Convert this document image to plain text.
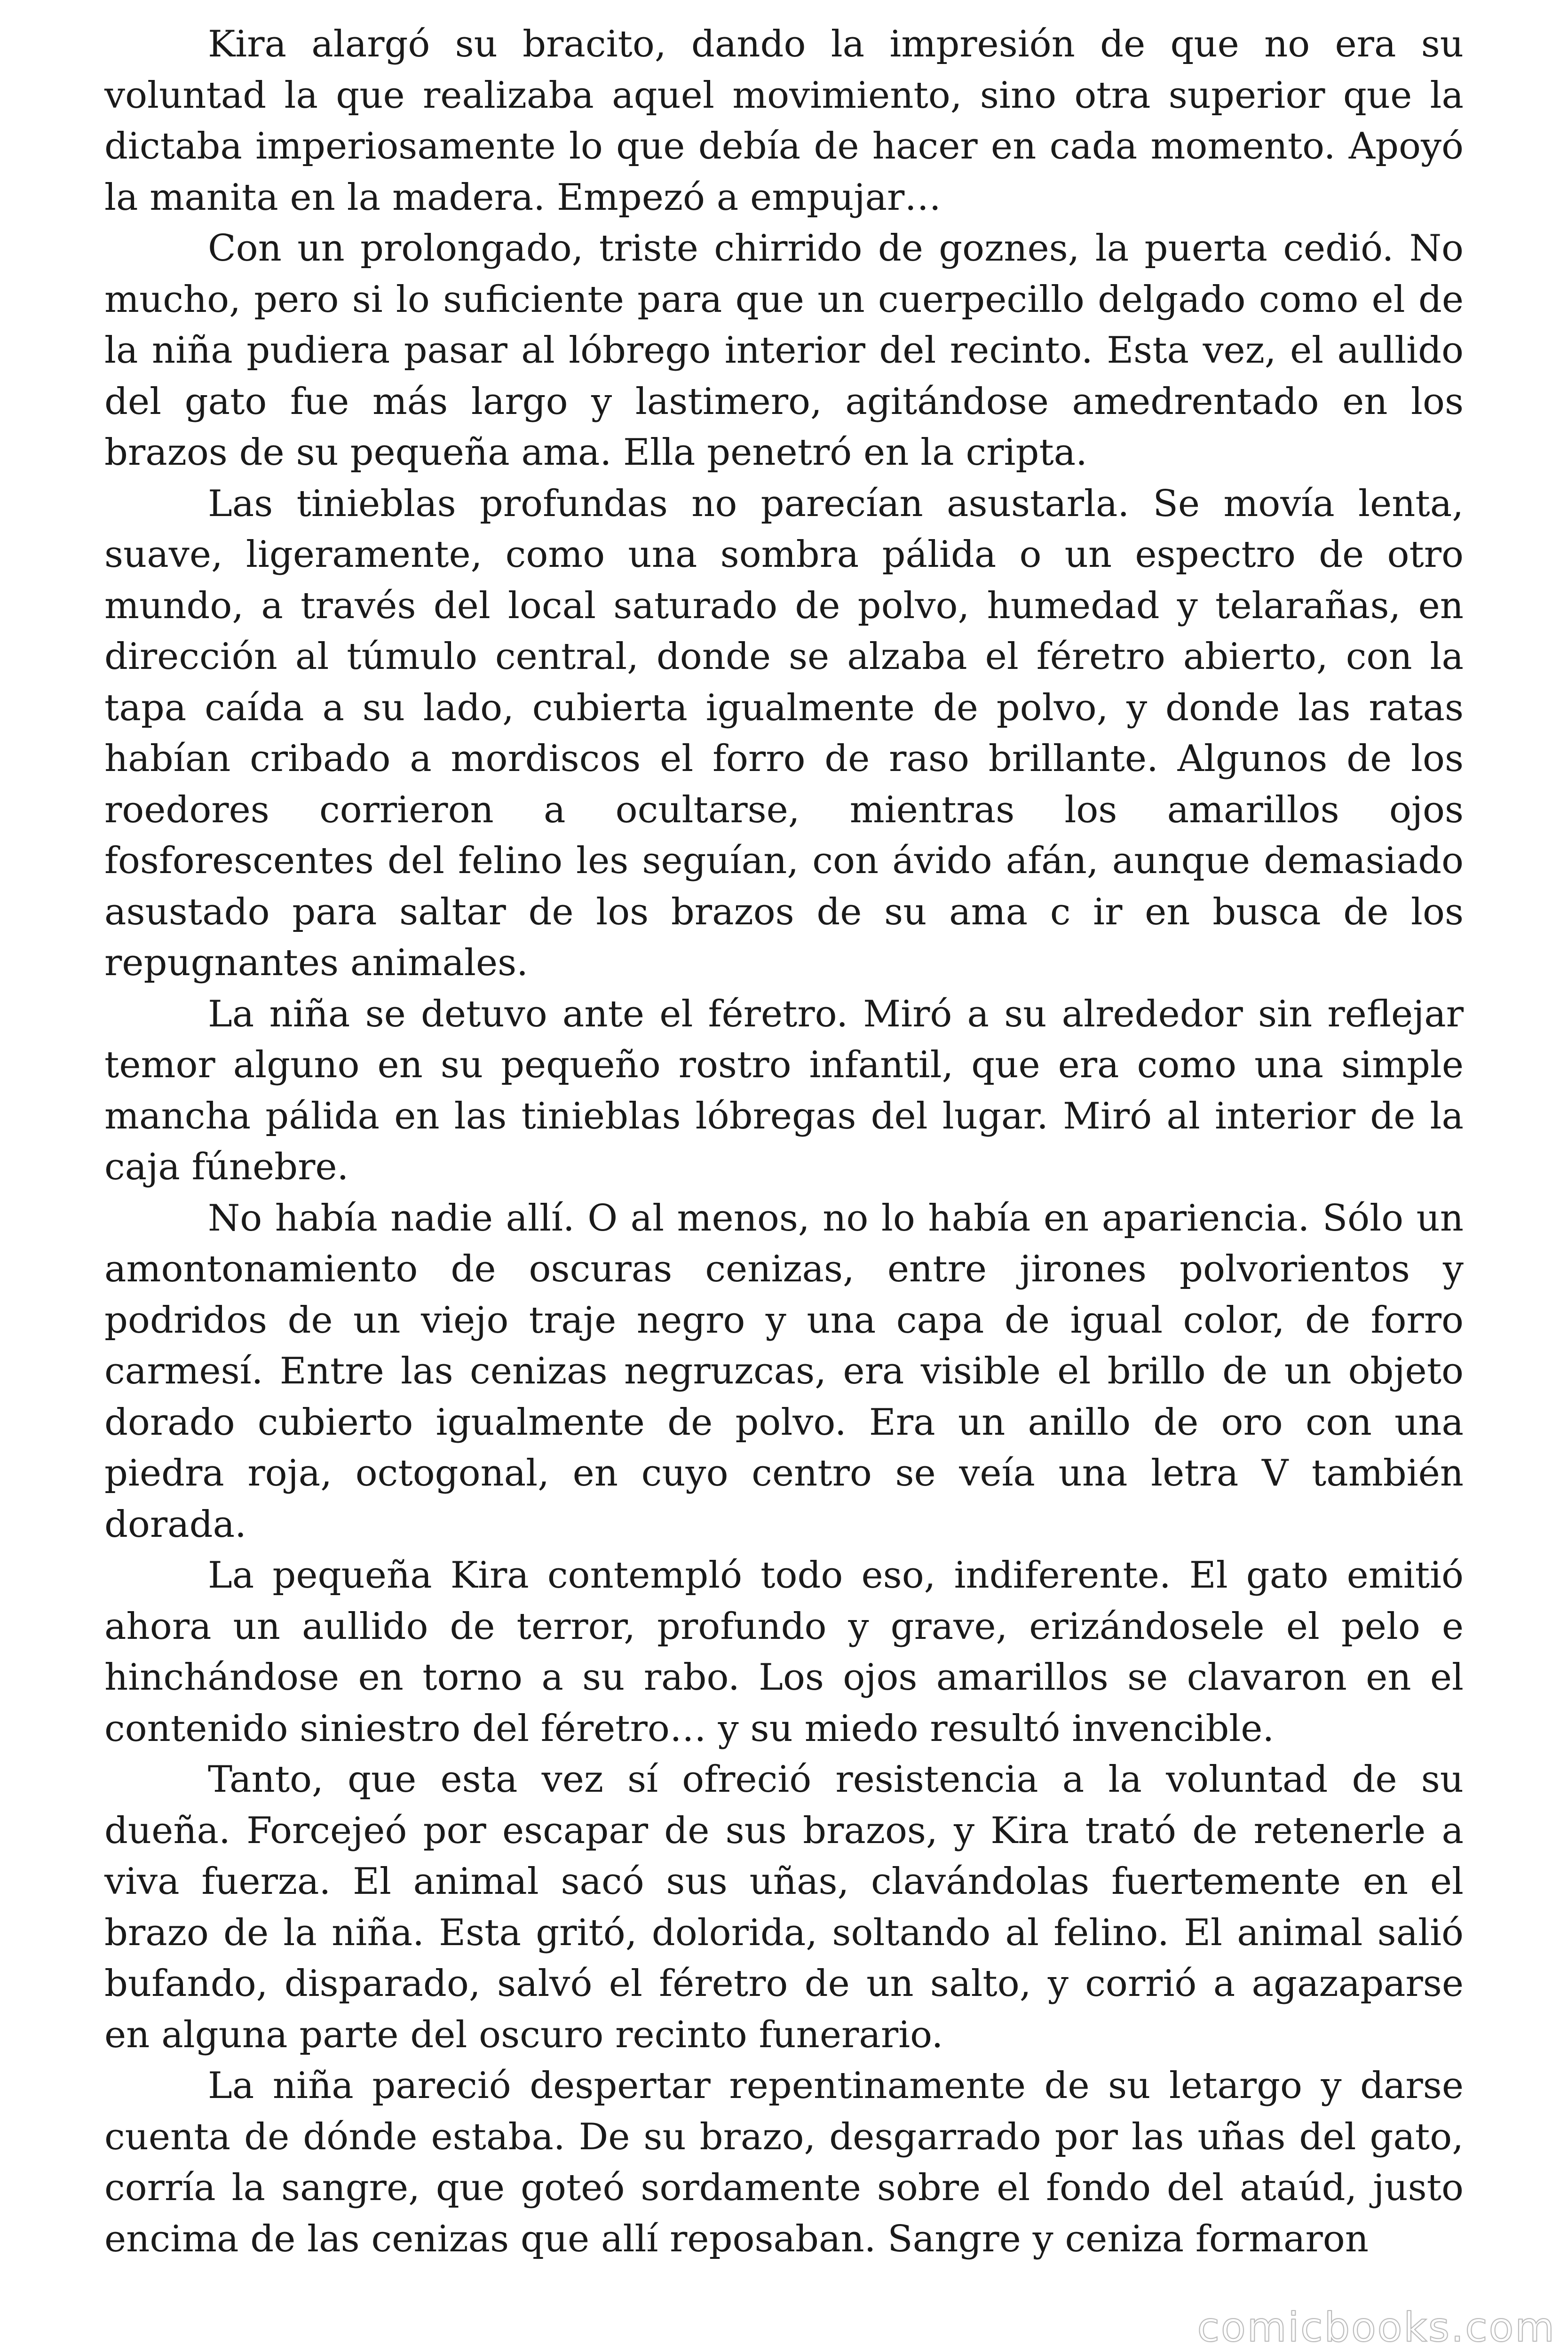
Kira alargó su bracito, dando la impresión de que no era su voluntad la que realizaba aquel movimiento, sino otra superior que la dictaba imperiosamente lo que debía de hacer en cada momento. Apoyó la manita en la madera. Empezó a empujar…

Con un prolongado, triste chirrido de goznes, la puerta cedió. No mucho, pero si lo suficiente para que un cuerpecillo delgado como el de la niña pudiera pasar al lóbrego interior del recinto. Esta vez, el aullido del gato fue más largo y lastimero, agitándose amedrentado en los brazos de su pequeña ama. Ella penetró en la cripta.

Las tinieblas profundas no parecían asustarla. Se movía lenta, suave, ligeramente, como una sombra pálida o un espectro de otro mundo, a través del local saturado de polvo, humedad y telarañas, en dirección al túmulo central, donde se alzaba el féretro abierto, con la tapa caída a su lado, cubierta igualmente de polvo, y donde las ratas habían cribado a mordiscos el forro de raso brillante. Algunos de los roedores corrieron a ocultarse, mientras los amarillos ojos fosforescentes del felino les seguían, con ávido afán, aunque demasiado asustado para saltar de los brazos de su ama c ir en busca de los repugnantes animales.

La niña se detuvo ante el féretro. Miró a su alrededor sin reflejar temor alguno en su pequeño rostro infantil, que era como una simple mancha pálida en las tinieblas lóbregas del lugar. Miró al interior de la caja fúnebre.

No había nadie allí. O al menos, no lo había en apariencia. Sólo un amontonamiento de oscuras cenizas, entre jirones polvorientos y podridos de un viejo traje negro y una capa de igual color, de forro carmesí. Entre las cenizas negruzcas, era visible el brillo de un objeto dorado cubierto igualmente de polvo. Era un anillo de oro con una piedra roja, octogonal, en cuyo centro se veía una letra V también dorada.

La pequeña Kira contempló todo eso, indiferente. El gato emitió ahora un aullido de terror, profundo y grave, erizándosele el pelo e hinchándose en torno a su rabo. Los ojos amarillos se clavaron en el contenido siniestro del féretro… y su miedo resultó invencible.

Tanto, que esta vez sí ofreció resistencia a la voluntad de su dueña. Forcejeó por escapar de sus brazos, y Kira trató de retenerle a viva fuerza. El animal sacó sus uñas, clavándolas fuertemente en el brazo de la niña. Esta gritó, dolorida, soltando al felino. El animal salió bufando, disparado, salvó el féretro de un salto, y corrió a agazaparse en alguna parte del oscuro recinto funerario.

La niña pareció despertar repentinamente de su letargo y darse cuenta de dónde estaba. De su brazo, desgarrado por las uñas del gato, corría la sangre, que goteó sordamente sobre el fondo del ataúd, justo encima de las cenizas que allí reposaban. Sangre y ceniza formaron

comicbooks.com
